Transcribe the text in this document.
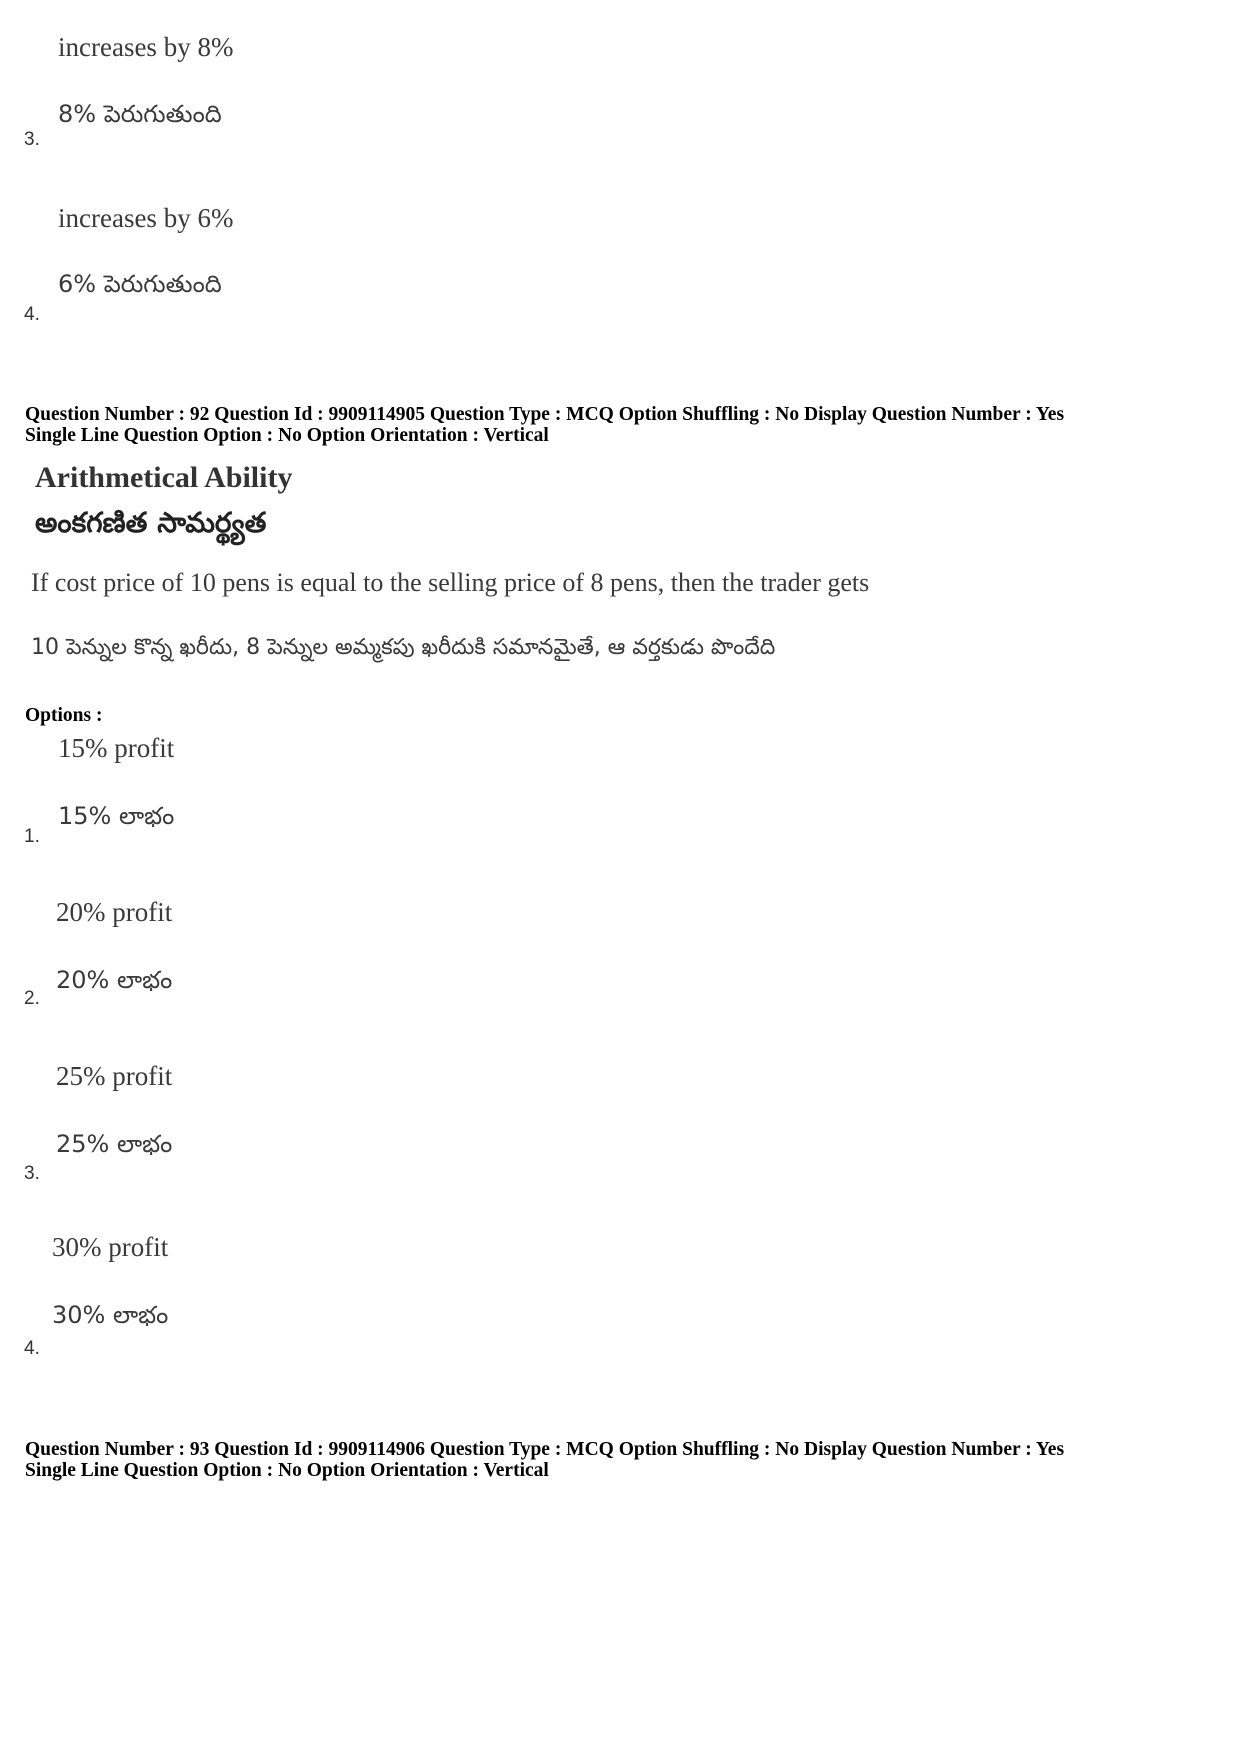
increases by 8%
8% పెరుగుతుంది
3.
increases by 6%
6% పెరుగుతుంది
4.
Question Number : 92 Question Id : 9909114905 Question Type : MCQ Option Shuffling : No Display Question Number : Yes
Single Line Question Option : No Option Orientation : Vertical
Arithmetical Ability
అంకగణిత సామర్థ్యత
If cost price of 10 pens is equal to the selling price of 8 pens, then the trader gets
10 పెన్నుల కొన్న ఖరీదు, 8 పెన్నుల అమ్మకపు ఖరీదుకి సమానమైతే, ఆ వర్తకుడు పొందేది
Options :
15% profit
15% లాభం
1.
20% profit
20% లాభం
2.
25% profit
25% లాభం
3.
30% profit
30% లాభం
4.
Question Number : 93 Question Id : 9909114906 Question Type : MCQ Option Shuffling : No Display Question Number : Yes
Single Line Question Option : No Option Orientation : Vertical
